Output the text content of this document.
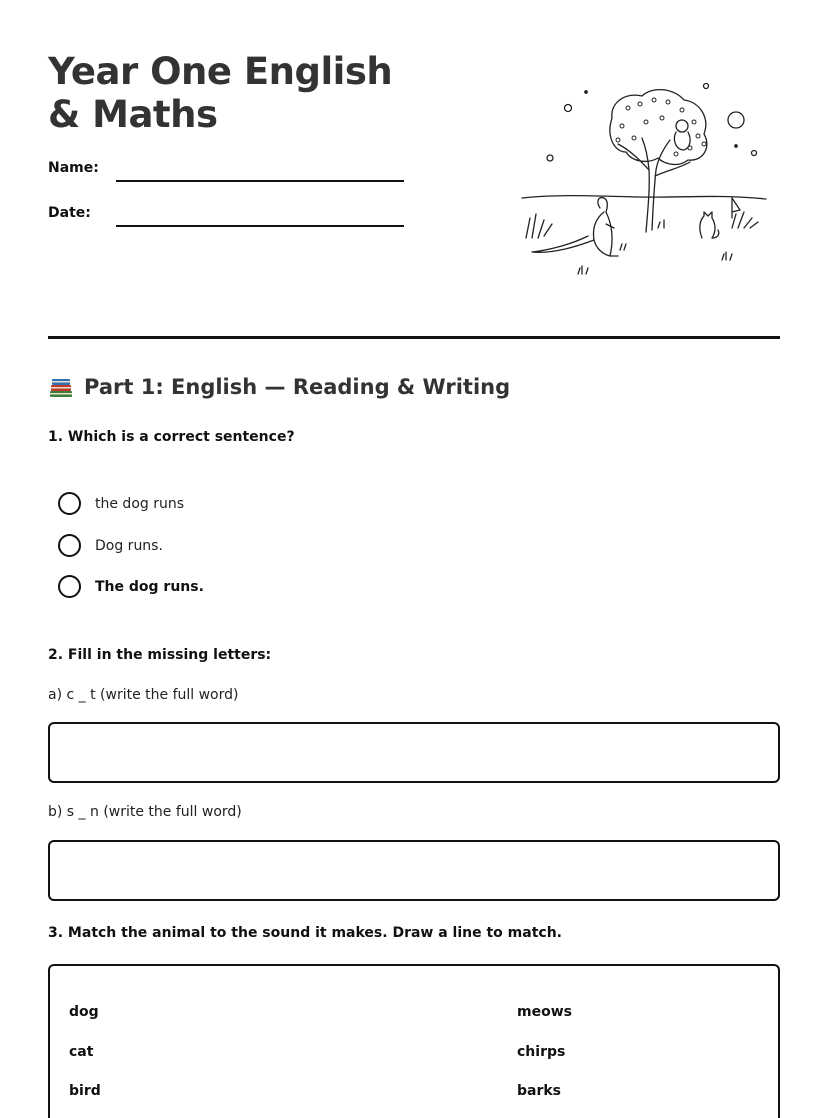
Year One English & Maths
Name:
Date:
Part 1: English — Reading & Writing
1. Which is a correct sentence?
the dog runs
Dog runs.
The dog runs.
2. Fill in the missing letters:
a) c _ t (write the full word)
b) s _ n (write the full word)
3. Match the animal to the sound it makes. Draw a line to match.
dog
cat
bird
meows
chirps
barks
